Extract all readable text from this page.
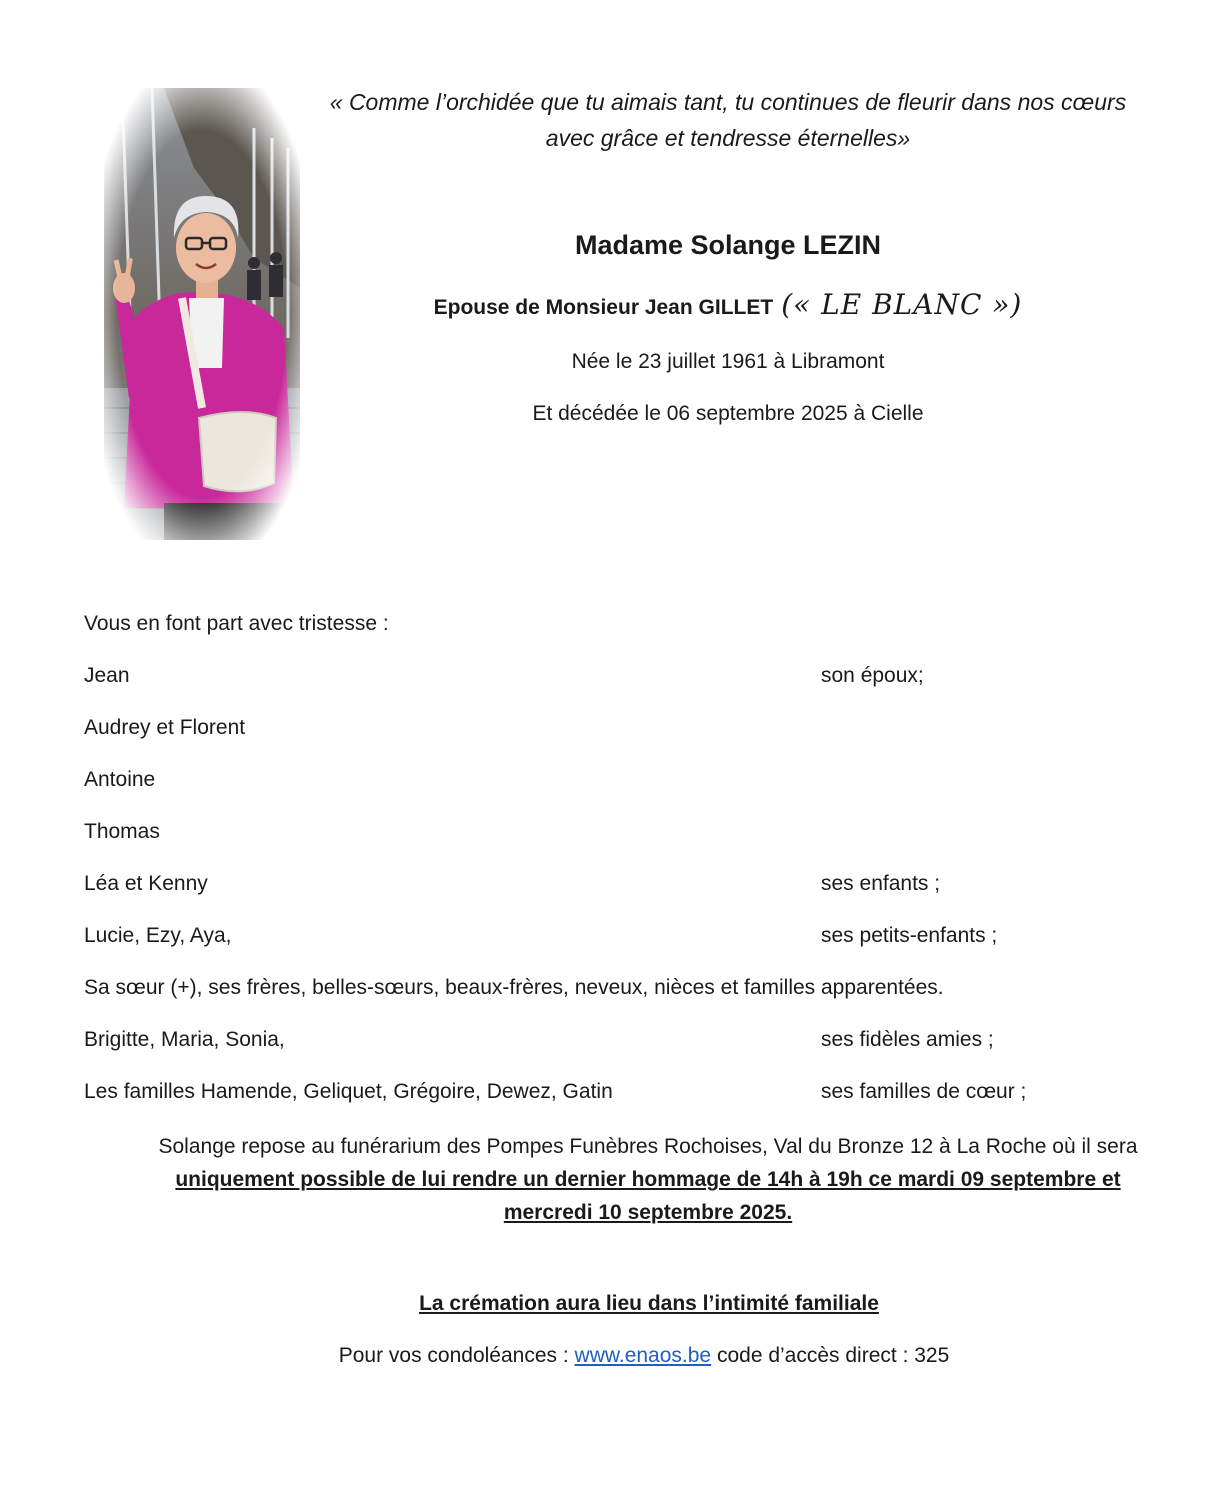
« Comme l’orchidée que tu aimais tant, tu continues de fleurir dans nos cœurs avec grâce et tendresse éternelles»
Madame Solange LEZIN
Epouse de Monsieur Jean GILLET (« LE BLANC »)
Née le 23 juillet 1961 à Libramont
Et décédée le 06 septembre 2025 à Cielle
Vous en font part avec tristesse :
Jean	son époux;
Audrey et Florent
Antoine
Thomas
Léa et Kenny	ses enfants ;
Lucie, Ezy, Aya,	ses petits-enfants ;
Sa sœur (+), ses frères, belles-sœurs, beaux-frères, neveux, nièces et familles apparentées.
Brigitte, Maria, Sonia,	ses fidèles amies ;
Les familles Hamende, Geliquet, Grégoire, Dewez, Gatin	ses familles de cœur ;
Solange repose au funérarium des Pompes Funèbres Rochoises, Val du Bronze 12 à La Roche où il sera uniquement possible de lui rendre un dernier hommage de 14h à 19h ce mardi 09 septembre et mercredi 10 septembre 2025.
La crémation aura lieu dans l’intimité familiale
Pour vos condoléances : www.enaos.be code d’accès direct : 325
